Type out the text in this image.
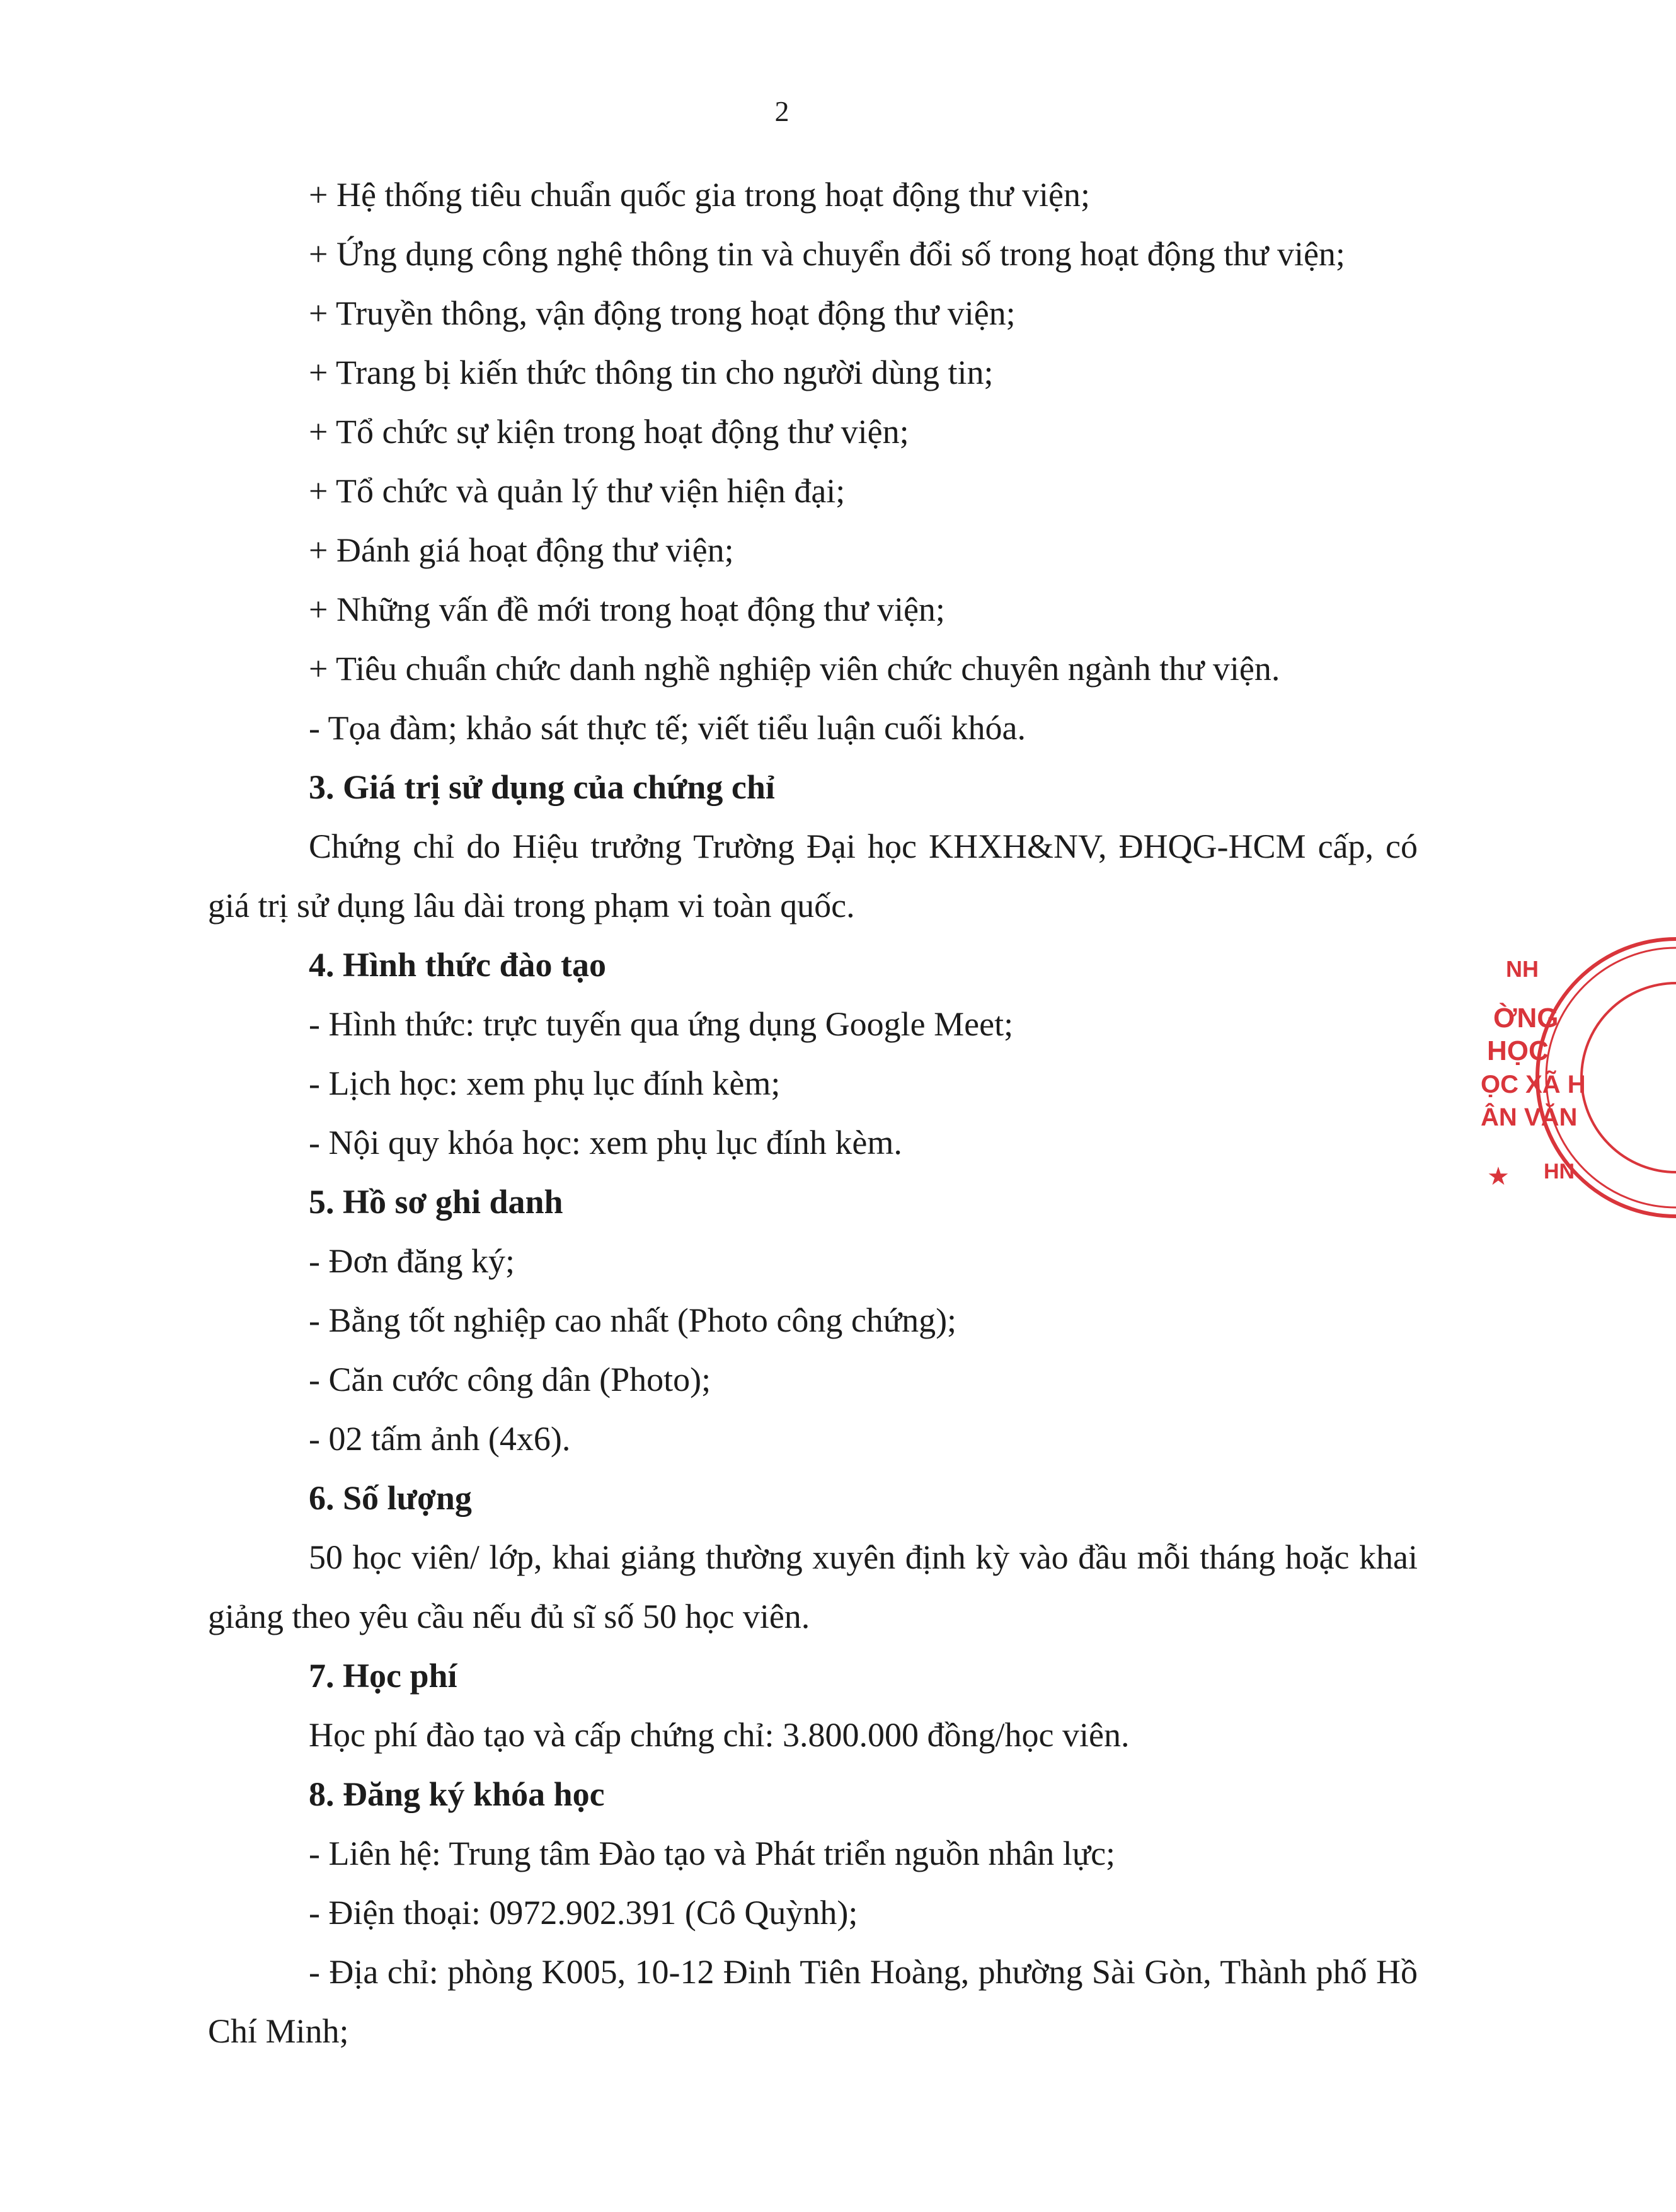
2

+ Hệ thống tiêu chuẩn quốc gia trong hoạt động thư viện;

+ Ứng dụng công nghệ thông tin và chuyển đổi số trong hoạt động thư viện;

+ Truyền thông, vận động trong hoạt động thư viện;

+ Trang bị kiến thức thông tin cho người dùng tin;

+ Tổ chức sự kiện trong hoạt động thư viện;

+ Tổ chức và quản lý thư viện hiện đại;

+ Đánh giá hoạt động thư viện;

+ Những vấn đề mới trong hoạt động thư viện;

+ Tiêu chuẩn chức danh nghề nghiệp viên chức chuyên ngành thư viện.

- Tọa đàm; khảo sát thực tế; viết tiểu luận cuối khóa.

3. Giá trị sử dụng của chứng chỉ

Chứng chỉ do Hiệu trưởng Trường Đại học KHXH&NV, ĐHQG-HCM cấp, có giá trị sử dụng lâu dài trong phạm vi toàn quốc.

4. Hình thức đào tạo

- Hình thức: trực tuyến qua ứng dụng Google Meet;

- Lịch học: xem phụ lục đính kèm;

- Nội quy khóa học: xem phụ lục đính kèm.

5. Hồ sơ ghi danh

- Đơn đăng ký;

- Bằng tốt nghiệp cao nhất (Photo công chứng);

- Căn cước công dân (Photo);

- 02 tấm ảnh (4x6).

6. Số lượng

50 học viên/ lớp, khai giảng thường xuyên định kỳ vào đầu mỗi tháng hoặc khai giảng theo yêu cầu nếu đủ sĩ số 50 học viên.

7. Học phí

Học phí đào tạo và cấp chứng chỉ: 3.800.000 đồng/học viên.

8. Đăng ký khóa học

- Liên hệ: Trung tâm Đào tạo và Phát triển nguồn nhân lực;

- Điện thoại: 0972.902.391 (Cô Quỳnh);

- Địa chỉ: phòng K005, 10-12 Đinh Tiên Hoàng, phường Sài Gòn, Thành phố Hồ Chí Minh;

NH
ỜNG
HỌC
ỌC XÃ H
ÂN VĂN
HN
★
